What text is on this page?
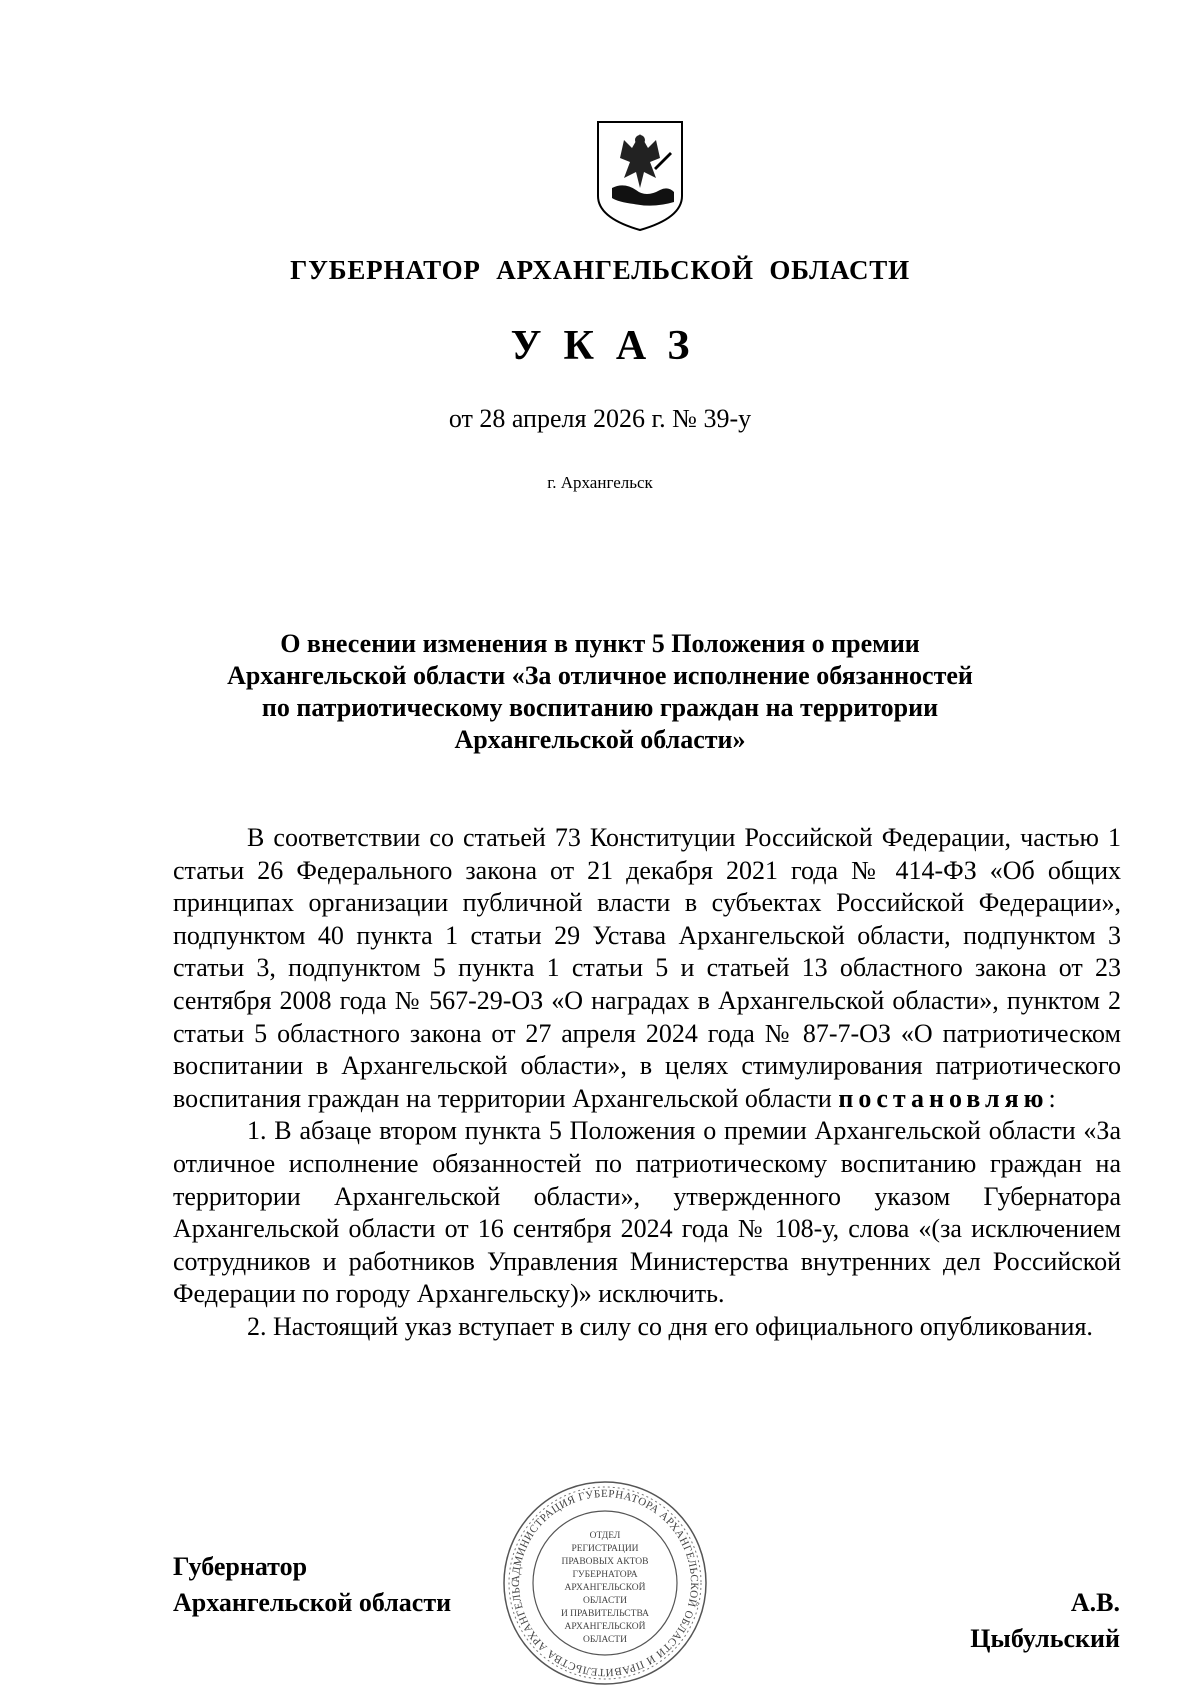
ГУБЕРНАТОР АРХАНГЕЛЬСКОЙ ОБЛАСТИ
УКАЗ
от 28 апреля 2026 г. № 39-у
г. Архангельск
О внесении изменения в пункт 5 Положения о премии
Архангельской области «За отличное исполнение обязанностей
по патриотическому воспитанию граждан на территории
Архангельской области»

В соответствии со статьей 73 Конституции Российской Федерации, частью 1 статьи 26 Федерального закона от 21 декабря 2021 года № 414-ФЗ «Об общих принципах организации публичной власти в субъектах Российской Федерации», подпунктом 40 пункта 1 статьи 29 Устава Архангельской области, подпунктом 3 статьи 3, подпунктом 5 пункта 1 статьи 5 и статьей 13 областного закона от 23 сентября 2008 года № 567-29-ОЗ «О наградах в Архангельской области», пунктом 2 статьи 5 областного закона от 27 апреля 2024 года № 87-7-ОЗ «О патриотическом воспитании в Архангельской области», в целях стимулирования патриотического воспитания граждан на территории Архангельской области постановляю:

1. В абзаце втором пункта 5 Положения о премии Архангельской области «За отличное исполнение обязанностей по патриотическому воспитанию граждан на территории Архангельской области», утвержденного указом Губернатора Архангельской области от 16 сентября 2024 года № 108-у, слова «(за исключением сотрудников и работников Управления Министерства внутренних дел Российской Федерации по городу Архангельску)» исключить.

2. Настоящий указ вступает в силу со дня его официального опубликования.

Губернатор
Архангельской области	А.В. Цыбульский
АДМИНИСТРАЦИЯ ГУБЕРНАТОРА АРХАНГЕЛЬСКОЙ ОБЛАСТИ И ПРАВИТЕЛЬСТВА АРХАНГЕЛЬС
ОТДЕЛ
РЕГИСТРАЦИИ
ПРАВОВЫХ АКТОВ
ГУБЕРНАТОРА
АРХАНГЕЛЬСКОЙ
ОБЛАСТИ
И ПРАВИТЕЛЬСТВА
АРХАНГЕЛЬСКОЙ
ОБЛАСТИ
